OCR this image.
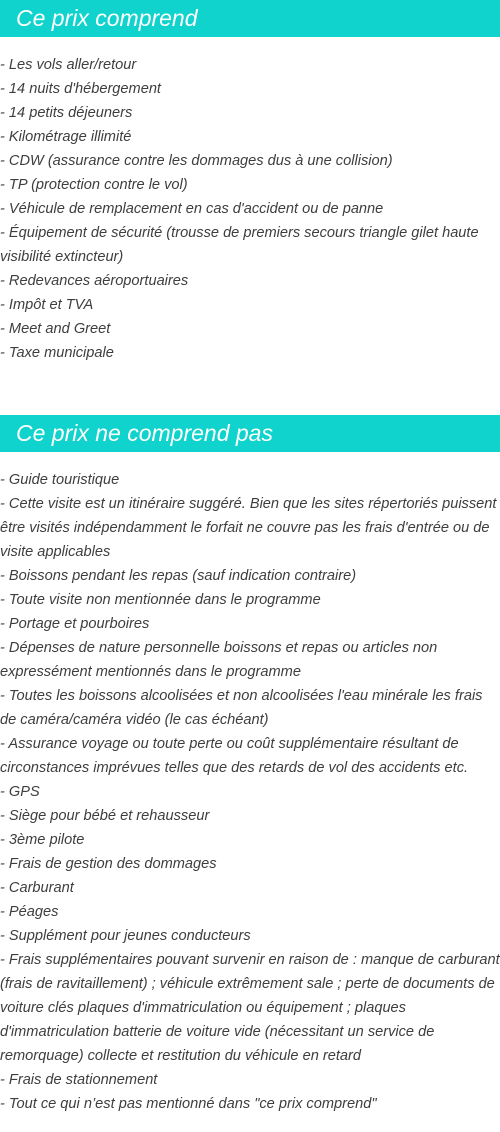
Ce prix comprend
- Les vols aller/retour
- 14 nuits d'hébergement
- 14 petits déjeuners
- Kilométrage illimité
- CDW (assurance contre les dommages dus à une collision)
- TP (protection contre le vol)
- Véhicule de remplacement en cas d'accident ou de panne
- Équipement de sécurité (trousse de premiers secours triangle gilet haute visibilité extincteur)
- Redevances aéroportuaires
- Impôt et TVA
- Meet and Greet
- Taxe municipale
Ce prix ne comprend pas
- Guide touristique
- Cette visite est un itinéraire suggéré. Bien que les sites répertoriés puissent être visités indépendamment le forfait ne couvre pas les frais d'entrée ou de visite applicables
- Boissons pendant les repas (sauf indication contraire)
- Toute visite non mentionnée dans le programme
- Portage et pourboires
- Dépenses de nature personnelle boissons et repas ou articles non expressément mentionnés dans le programme
- Toutes les boissons alcoolisées et non alcoolisées l'eau minérale les frais de caméra/caméra vidéo (le cas échéant)
- Assurance voyage ou toute perte ou coût supplémentaire résultant de circonstances imprévues telles que des retards de vol des accidents etc.
- GPS
- Siège pour bébé et rehausseur
- 3ème pilote
- Frais de gestion des dommages
- Carburant
- Péages
- Supplément pour jeunes conducteurs
- Frais supplémentaires pouvant survenir en raison de : manque de carburant (frais de ravitaillement) ; véhicule extrêmement sale ; perte de documents de voiture clés plaques d'immatriculation ou équipement ; plaques d'immatriculation batterie de voiture vide (nécessitant un service de remorquage) collecte et restitution du véhicule en retard
- Frais de stationnement
- Tout ce qui n’est pas mentionné dans "ce prix comprend"
